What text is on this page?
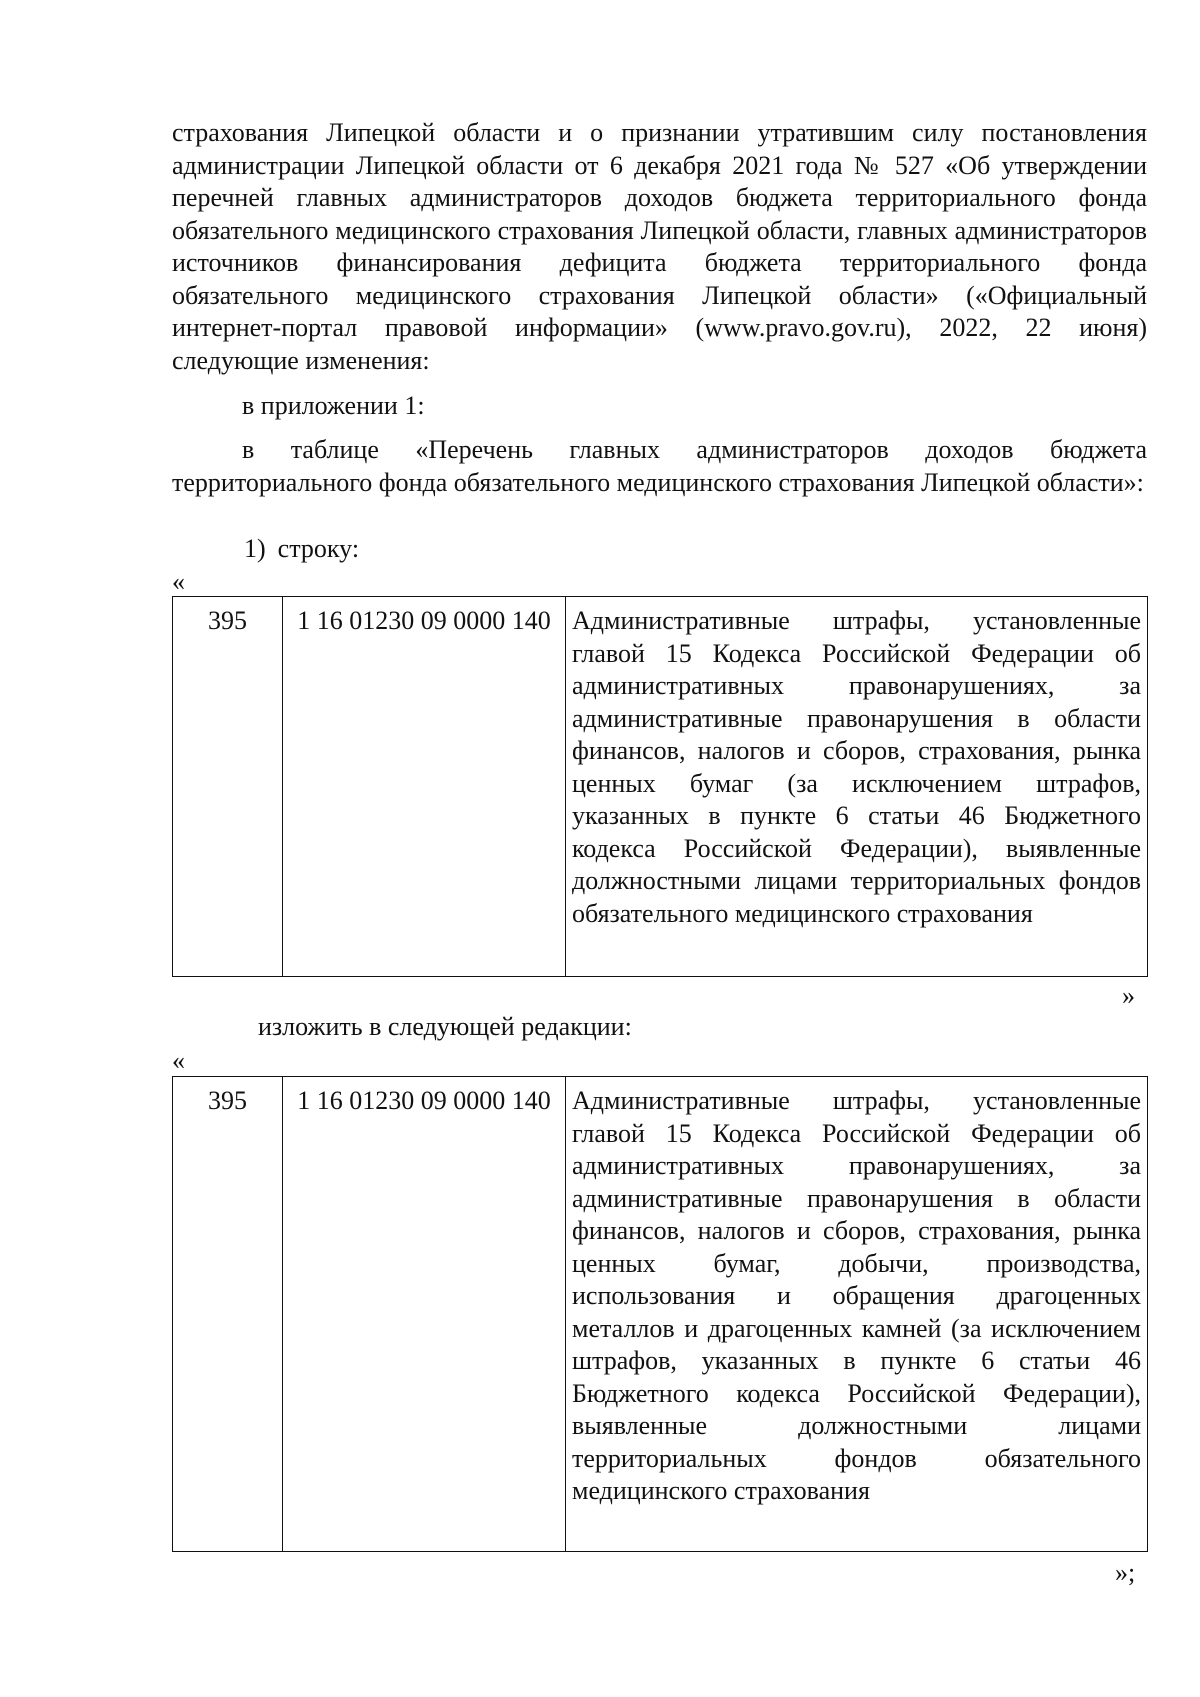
страхования Липецкой области и о признании утратившим силу постановления администрации Липецкой области от 6 декабря 2021 года № 527 «Об утверждении перечней главных администраторов доходов бюджета территориального фонда обязательного медицинского страхования Липецкой области, главных администраторов источников финансирования дефицита бюджета территориального фонда обязательного медицинского страхования Липецкой области» («Официальный интернет-портал правовой информации» (www.pravo.gov.ru), 2022, 22 июня) следующие изменения:

в приложении 1:

в таблице «Перечень главных администраторов доходов бюджета территориального фонда обязательного медицинского страхования Липецкой области»:

1) строку:

«

395	1 16 01230 09 0000 140	Административные штрафы, установленные главой 15 Кодекса Российской Федерации об административных правонарушениях, за административные правонарушения в области финансов, налогов и сборов, страхования, рынка ценных бумаг (за исключением штрафов, указанных в пункте 6 статьи 46 Бюджетного кодекса Российской Федерации), выявленные должностными лицами территориальных фондов обязательного медицинского страхования

»

изложить в следующей редакции:

«

395	1 16 01230 09 0000 140	Административные штрафы, установленные главой 15 Кодекса Российской Федерации об административных правонарушениях, за административные правонарушения в области финансов, налогов и сборов, страхования, рынка ценных бумаг, добычи, производства, использования и обращения драгоценных металлов и драгоценных камней (за исключением штрафов, указанных в пункте 6 статьи 46 Бюджетного кодекса Российской Федерации), выявленные должностными лицами территориальных фондов обязательного медицинского страхования

»;
